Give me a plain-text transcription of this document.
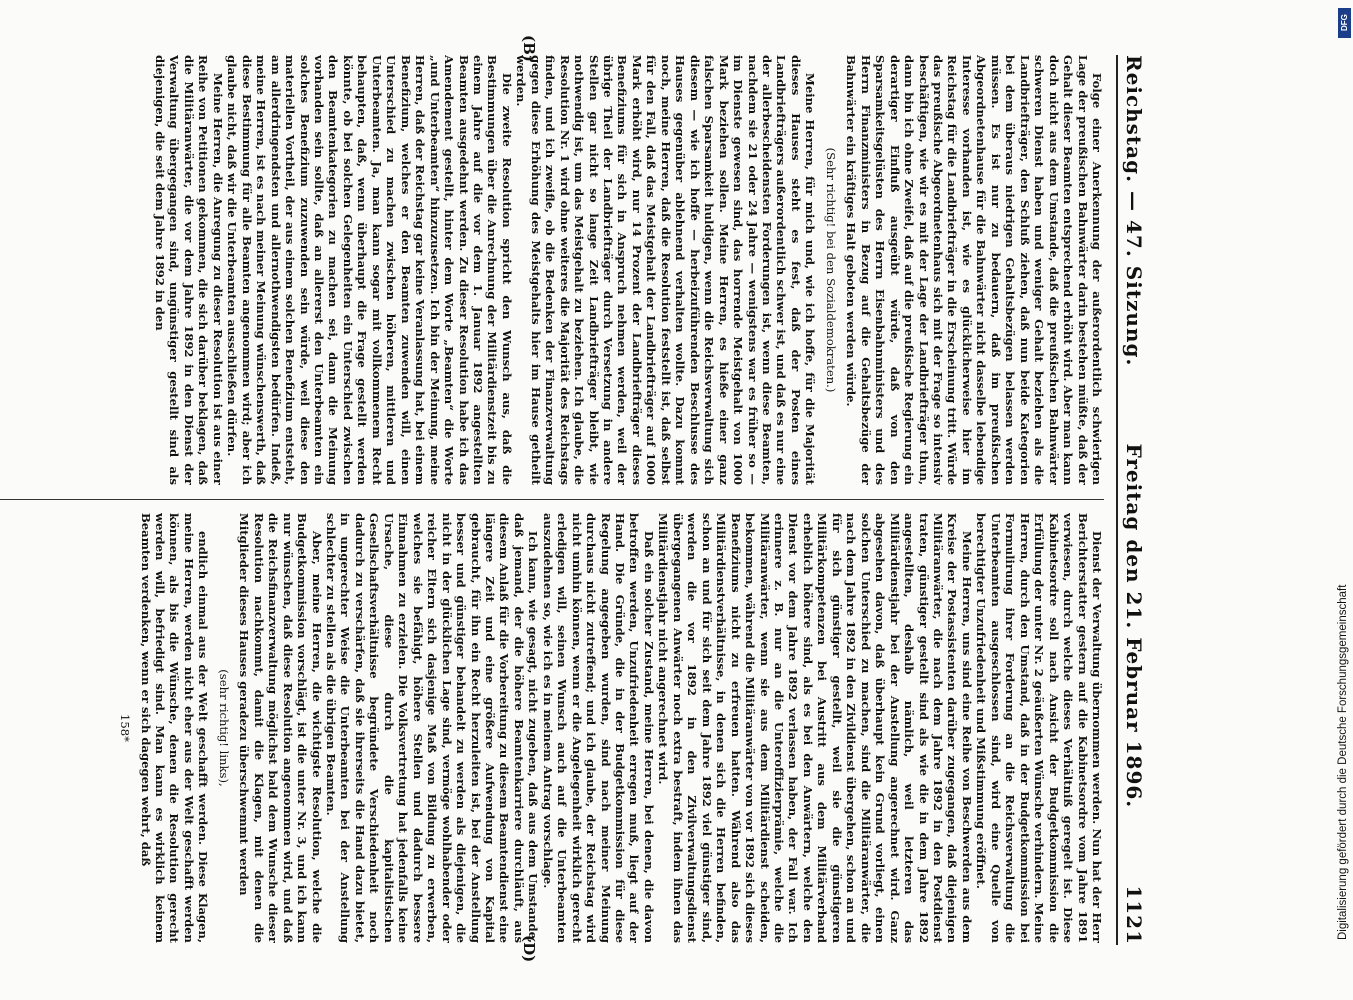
Reichstag. — 47. Sitzung.
Freitag den 21. Februar 1896.
1121

Folge einer Anerkennung der außerordentlich schwierigen Lage der preußischen Bahnwärter darin bestehen müßte, daß der Gehalt dieser Beamten entsprechend erhöht wird. Aber man kann doch nicht aus dem Umstande, daß die preußischen Bahnwärter schweren Dienst haben und weniger Gehalt beziehen als die Landbriefträger, den Schluß ziehen, daß nun beide Kategorien bei dem überaus niedrigen Gehaltsbezügen belassen werden müssen. Es ist nur zu bedauern, daß im preußischen Abgeordnetenhause für die Bahnwärter nicht dasselbe lebendige Interesse vorhanden ist, wie es glücklicherweise hier im Reichstag für die Landbriefträger in die Erscheinung tritt. Würde das preußische Abgeordnetenhaus sich mit der Frage so intensiv beschäftigen, wie wir es mit der Lage der Landbriefträger thun, dann bin ich ohne Zweifel, daß auf die preußische Regierung ein derartiger Einfluß ausgeübt würde, daß von den Sparsamkeitsgelüsten des Herrn Eisenbahnministers und des Herrn Finanzministers in Bezug auf die Gehaltsbezüge der Bahnwärter ein kräftiges Halt geboten werden würde.

(Sehr richtig! bei den Sozialdemokraten.)

Meine Herren, für mich und, wie ich hoffe, für die Majorität dieses Hauses steht es fest, daß der Posten eines Landbriefträgers außerordentlich schwer ist, und daß es nur eine der allerbescheidensten Forderungen ist, wenn diese Beamten, nachdem sie 21 oder 24 Jahre — wenigstens war es früher so — im Dienste gewesen sind, das horrende Meistgehalt von 1000 Mark beziehen sollen. Meine Herren, es hieße einer ganz falschen Sparsamkeit huldigen, wenn die Reichsverwaltung sich diesem — wie ich hoffe — herbeizuführenden Beschlusse des Hauses gegenüber ablehnend verhalten wollte. Dazu kommt noch, meine Herren, daß die Resolution feststellt ist, daß selbst für den Fall, daß das Meistgehalt der Landbriefträger auf 1000 Mark erhöht wird, nur 14 Prozent der Landbriefträger dieses Benefiziums für sich in Anspruch nehmen werden, weil der übrige Theil der Landbriefträger durch Versetzung in andere Stellen gar nicht so lange Zeit Landbriefträger bleibt, wie nothwendig ist, um das Meistgehalt zu beziehen. Ich glaube, die Resolution Nr. 1 wird ohne weiteres die Majorität des Reichstags finden, und ich zweifle, ob die Bedenken der Finanzverwaltung gegen diese Erhöhung des Meistgehalts hier im Hause getheilt werden.

Die zweite Resolution spricht den Wunsch aus, daß die Bestimmungen über die Anrechnung der Militärdienstzeit bis zu einem Jahre auf die vor dem 1. Januar 1892 angestellten Beamten ausgedehnt werden. Zu dieser Resolution habe ich das Amendement gestellt, hinter dem Worte „Beamten“ die Worte „und Unterbeamten“ hinzuzusetzen. Ich bin der Meinung, meine Herren, daß der Reichstag gar keine Veranlassung hat, bei einem Benefizium, welches er den Beamten zuwenden will, einen Unterschied zu machen zwischen höheren, mittleren und Unterbeamten. Ja, man kann sogar mit vollkommenem Recht behaupten, daß, wenn überhaupt die Frage gestellt werden könnte, ob bei solchen Gelegenheiten ein Unterschied zwischen den Beamtenkategorien zu machen sei, dann die Meinung vorhanden sein sollte, daß an allererst den Unterbeamten ein solches Benefizium zuzuwenden sein würde, weil diese den materiellen Vortheil, der aus einem solchen Benefizium entsteht, am allerdringendsten und allernothwendigsten bedürfen. Indeß, meine Herren, ist es nach meiner Meinung wünschenswerth, daß diese Bestimmung für alle Beamten angenommen wird; aber ich glaube nicht, daß wir die Unterbeamten ausschließen dürfen.

Meine Herren, die Anregung zu dieser Resolution ist aus einer Reihe von Petitionen gekommen, die sich darüber beklagen, daß die Militäranwärter, die vor dem Jahre 1892 in den Dienst der Verwaltung übergegangen sind, ungünstiger gestellt sind als diejenigen, die seit dem Jahre 1892 in den

Dienst der Verwaltung übernommen werden. Nun hat der Herr Berichterstatter gestern auf die Kabinetsordre vom Jahre 1891 verwiesen, durch welche dieses Verhältniß geregelt ist. Diese Kabinetsordre soll nach Ansicht der Budgetkommission die Erfüllung der unter Nr. 2 geäußerten Wünsche verhindern. Meine Herren, durch den Umstand, daß in der Budgetkommission bei Formulirung ihrer Forderung an die Reichsverwaltung die Unterbeamten ausgeschlossen sind, wird eine Quelle von berechtigter Unzufriedenheit und Mißstimmung eröffnet.

Meine Herren, uns sind eine Reihe von Beschwerden aus dem Kreise der Postassistenten darüber zugegangen, daß diejenigen Militäranwärter, die nach dem Jahre 1892 in den Postdienst traten, günstiger gestellt sind als wie die in dem Jahre 1892 angestellten, deshalb nämlich, weil letzteren das Militärdienstjahr bei der Anstellung angerechnet wird. Ganz abgesehen davon, daß überhaupt kein Grund vorliegt, einen solchen Unterschied zu machen, sind die Militäranwärter, die nach dem Jahre 1892 in den Zivildienst übergehen, schon an und für sich günstiger gestellt, weil sie die günstigeren Militärkompetenzen bei Austritt aus dem Militärverband erheblich höhere sind, als es bei den Anwärtern, welche den Dienst vor dem Jahre 1892 verlassen haben, der Fall war. Ich erinnere z. B. nur an die Unteroffizierprämie, welche die Militäranwärter, wenn sie aus dem Militärdienst scheiden, bekommen, während die Militäranwärter von vor 1892 sich dieses Benefiziums nicht zu erfreuen hatten. Während also das Militärdienstverhältnisse, in denen sich die Herren befinden, schon an und für sich seit dem Jahre 1892 viel günstiger sind, werden die vor 1892 in den Zivilverwaltungsdienst übergegangenen Anwärter noch extra bestraft, indem ihnen das Militärdienstjahr nicht angerechnet wird.

Daß ein solcher Zustand, meine Herren, bei denen, die davon betroffen werden, Unzufriedenheit erregen muß, liegt auf der Hand. Die Gründe, die in der Budgetkommission für diese Regelung angegeben wurden, sind nach meiner Meinung durchaus nicht zutreffend; und ich glaube, der Reichstag wird nicht umhin können, wenn er die Angelegenheit wirklich gerecht erledigen will, seinen Wunsch auch auf die Unterbeamten auszudehnen so, wie ich es in meinem Antrag vorschlage.

Ich kann, wie gesagt, nicht zugeben, daß aus dem Umstande, daß jemand, der die höhere Beamtenkarriere durchläuft, aus diesem Anlaß für die Vorbereitung zu diesem Beamtendienst eine längere Zeit und eine größere Aufwendung von Kapital gebraucht, für ihn ein Recht herzuleiten ist, bei der Anstellung besser und günstiger behandelt zu werden als diejenigen, die nicht in der glücklichen Lage sind, vermöge wohlhabender oder reicher Eltern sich dasjenige Maß von Bildung zu erwerben, welches sie befähigt, höhere Stellen und dadurch bessere Einnahmen zu erzielen. Die Volksvertretung hat jedenfalls keine Ursache, diese durch die kapitalistischen Gesellschaftsverhältnisse begründete Verschiedenheit noch dadurch zu verschärfen, daß sie ihrerseits die Hand dazu bietet, in ungerechter Weise die Unterbeamten bei der Anstellung schlechter zu stellen als die übrigen Beamten.

Aber, meine Herren, die wichtigste Resolution, welche die Budgetkommission vorschlägt, ist die unter Nr. 3, und ich kann nur wünschen, daß diese Resolution angenommen wird, und daß die Reichsfinanzverwaltung möglichst bald dem Wunsche dieser Resolution nachkommt, damit die Klagen, mit denen die Mitglieder dieses Hauses geradezu überschwemmt werden

(sehr richtig! links),

endlich einmal aus der Welt geschafft werden. Diese Klagen, meine Herren, werden nicht eher aus der Welt geschafft werden können, als bis die Wünsche, denen die Resolution gerecht werden will, befriedigt sind. Man kann es wirklich keinem Beamten verdenken, wenn er sich dagegen wehrt, daß

158*

(B)
(D)
DFG
